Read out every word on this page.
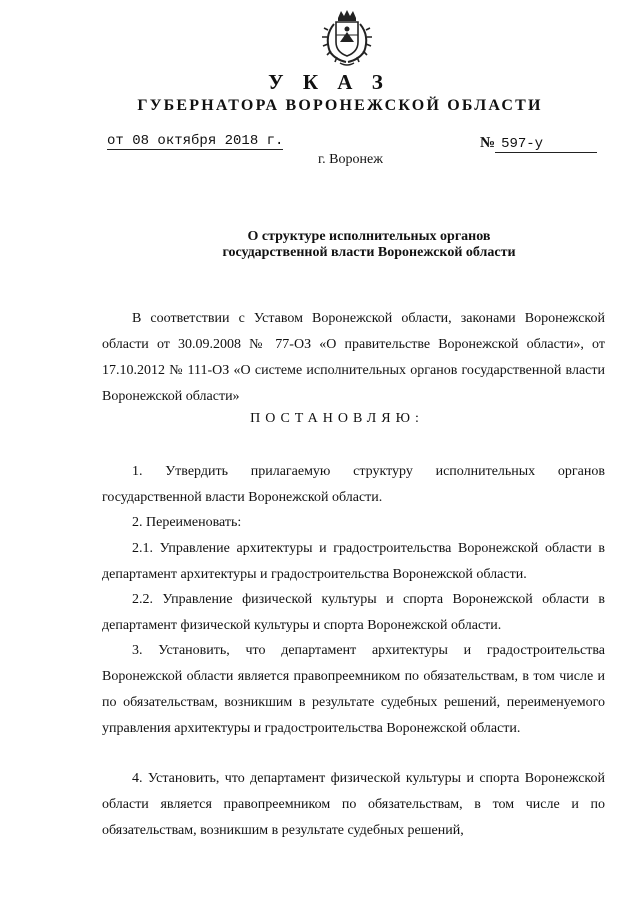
У К А З
ГУБЕРНАТОРА ВОРОНЕЖСКОЙ ОБЛАСТИ
от 08 октября 2018 г.	№ 597-у
г. Воронеж
О структуре исполнительных органов
государственной власти Воронежской области
В соответствии с Уставом Воронежской области, законами Воронежской области от 30.09.2008 № 77-ОЗ «О правительстве Воронежской области», от 17.10.2012 № 111-ОЗ «О системе исполнительных органов государственной власти Воронежской области»
ПОСТАНОВЛЯЮ:
1. Утвердить прилагаемую структуру исполнительных органов государственной власти Воронежской области.
2. Переименовать:
2.1. Управление архитектуры и градостроительства Воронежской области в департамент архитектуры и градостроительства Воронежской области.
2.2. Управление физической культуры и спорта Воронежской области в департамент физической культуры и спорта Воронежской области.
3. Установить, что департамент архитектуры и градостроительства Воронежской области является правопреемником по обязательствам, в том числе и по обязательствам, возникшим в результате судебных решений, переименуемого управления архитектуры и градостроительства Воронежской области.
4. Установить, что департамент физической культуры и спорта Воронежской области является правопреемником по обязательствам, в том числе и по обязательствам, возникшим в результате судебных решений,
